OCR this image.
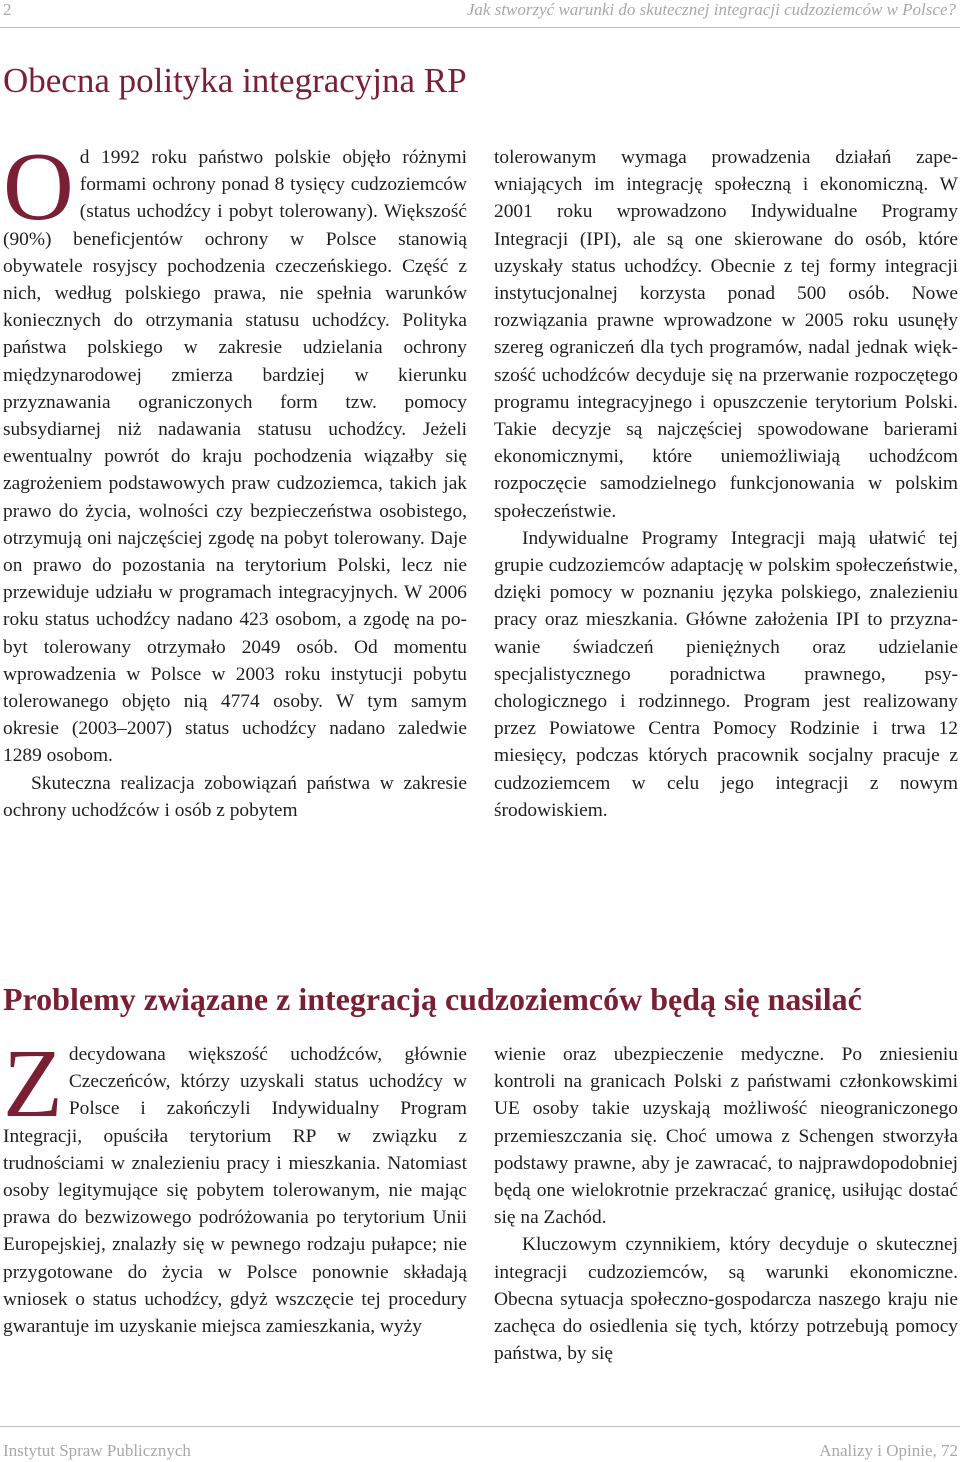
2	Jak stworzyć warunki do skutecznej integracji cudzoziemców w Polsce?
Obecna polityka integracyjna RP

Od 1992 roku państwo polskie objęło różnymi formami ochrony ponad 8 tysięcy cudzoziemców (status uchodźcy i pobyt tolerowany). Większość (90%) beneficjentów ochrony w Polsce stanowią obywatele rosyjscy pochodzenia czeczeńskiego. Część z nich, według polskiego prawa, nie spełnia warunków koniecznych do otrzymania statusu uchodźcy. Polityka państwa polskiego w zakresie udzielania ochrony międzynarodowej zmierza bardziej w kierunku przyznawania ograniczonych form tzw. pomocy subsydiarnej niż nadawania statusu uchodźcy. Jeżeli ewentualny powrót do kraju pochodzenia wiązałby się zagrożeniem podstawowych praw cudzoziemca, takich jak prawo do życia, wolności czy bezpieczeństwa osobistego, otrzymują oni najczęściej zgodę na pobyt tolerowany. Daje on prawo do pozostania na terytorium Polski, lecz nie przewiduje udziału w programach integracyjnych. W 2006 roku status uchodźcy nadano 423 osobom, a zgodę na pobyt tolerowany otrzymało 2049 osób. Od momentu wprowadzenia w Polsce w 2003 roku instytucji pobytu tolerowanego objęto nią 4774 osoby. W tym samym okresie (2003–2007) status uchodźcy nadano zaledwie 1289 osobom.

Skuteczna realizacja zobowiązań państwa w zakresie ochrony uchodźców i osób z pobytem

tolerowanym wymaga prowadzenia działań zapewniających im integrację społeczną i ekonomiczną. W 2001 roku wprowadzono Indywidualne Programy Integracji (IPI), ale są one skierowane do osób, które uzyskały status uchodźcy. Obecnie z tej formy integracji instytucjonalnej korzysta ponad 500 osób. Nowe rozwiązania prawne wprowadzone w 2005 roku usunęły szereg ograniczeń dla tych programów, nadal jednak większość uchodźców decyduje się na przerwanie rozpoczętego programu integracyjnego i opuszczenie terytorium Polski. Takie decyzje są najczęściej spowodowane barierami ekonomicznymi, które uniemożliwiają uchodźcom rozpoczęcie samodzielnego funkcjonowania w polskim społeczeństwie.

Indywidualne Programy Integracji mają ułatwić tej grupie cudzoziemców adaptację w polskim społeczeństwie, dzięki pomocy w poznaniu języka polskiego, znalezieniu pracy oraz mieszkania. Główne założenia IPI to przyznawanie świadczeń pieniężnych oraz udzielanie specjalistycznego poradnictwa prawnego, psychologicznego i rodzinnego. Program jest realizowany przez Powiatowe Centra Pomocy Rodzinie i trwa 12 miesięcy, podczas których pracownik socjalny pracuje z cudzoziemcem w celu jego integracji z nowym środowiskiem.

Problemy związane z integracją cudzoziemców będą się nasilać

Zdecydowana większość uchodźców, głównie Czeczeńców, którzy uzyskali status uchodźcy w Polsce i zakończyli Indywidualny Program Integracji, opuściła terytorium RP w związku z trudnościami w znalezieniu pracy i mieszkania. Natomiast osoby legitymujące się pobytem tolerowanym, nie mając prawa do bezwizowego podróżowania po terytorium Unii Europejskiej, znalazły się w pewnego rodzaju pułapce; nie przygotowane do życia w Polsce ponownie składają wniosek o status uchodźcy, gdyż wszczęcie tej procedury gwarantuje im uzyskanie miejsca zamieszkania, wyży

wienie oraz ubezpieczenie medyczne. Po zniesieniu kontroli na granicach Polski z państwami członkowskimi UE osoby takie uzyskają możliwość nieograniczonego przemieszczania się. Choć umowa z Schengen stworzyła podstawy prawne, aby je zawracać, to najprawdopodobniej będą one wielokrotnie przekraczać granicę, usiłując dostać się na Zachód.

Kluczowym czynnikiem, który decyduje o skutecznej integracji cudzoziemców, są warunki ekonomiczne. Obecna sytuacja społeczno-gospodarcza naszego kraju nie zachęca do osiedlenia się tych, którzy potrzebują pomocy państwa, by się

Instytut Spraw Publicznych	Analizy i Opinie, 72
